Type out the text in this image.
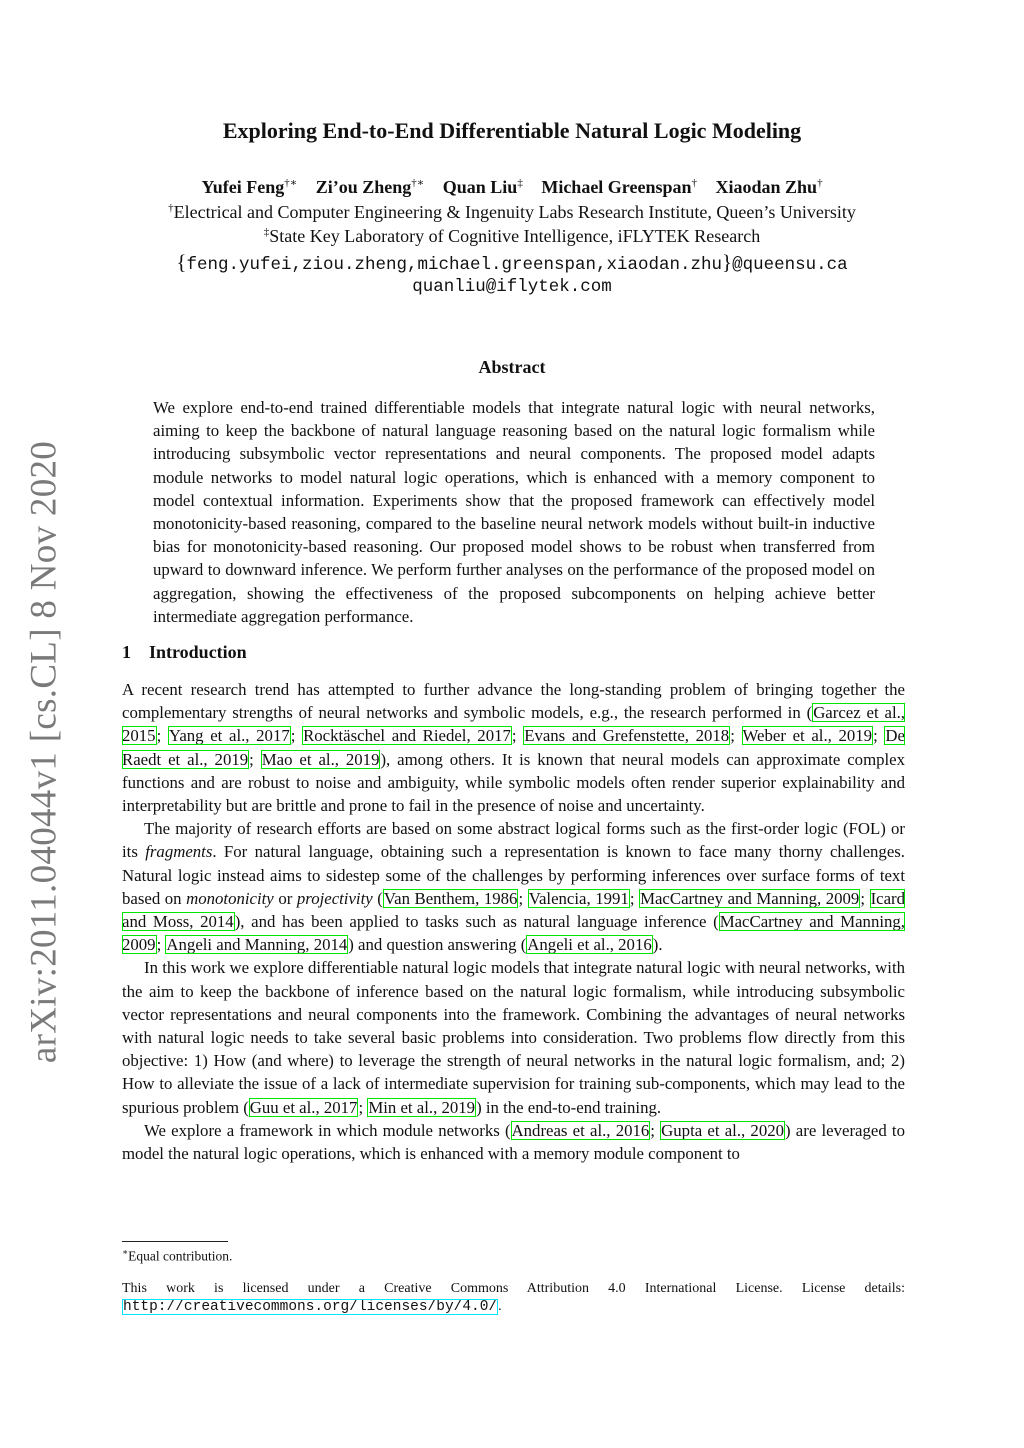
arXiv:2011.04044v1 [cs.CL] 8 Nov 2020
Exploring End-to-End Differentiable Natural Logic Modeling
Yufei Feng†∗ Zi’ou Zheng†∗ Quan Liu‡ Michael Greenspan† Xiaodan Zhu†
†Electrical and Computer Engineering & Ingenuity Labs Research Institute, Queen’s University
‡State Key Laboratory of Cognitive Intelligence, iFLYTEK Research
{feng.yufei,ziou.zheng,michael.greenspan,xiaodan.zhu}@queensu.ca
quanliu@iflytek.com
Abstract

We explore end-to-end trained differentiable models that integrate natural logic with neural networks, aiming to keep the backbone of natural language reasoning based on the natural logic formalism while introducing subsymbolic vector representations and neural components. The proposed model adapts module networks to model natural logic operations, which is enhanced with a memory component to model contextual information. Experiments show that the proposed framework can effectively model monotonicity-based reasoning, compared to the baseline neural network models without built-in inductive bias for monotonicity-based reasoning. Our proposed model shows to be robust when transferred from upward to downward inference. We perform further analyses on the performance of the proposed model on aggregation, showing the effectiveness of the proposed subcomponents on helping achieve better intermediate aggregation performance.

1 Introduction

A recent research trend has attempted to further advance the long-standing problem of bringing together the complementary strengths of neural networks and symbolic models, e.g., the research performed in (Garcez et al., 2015; Yang et al., 2017; Rocktäschel and Riedel, 2017; Evans and Grefenstette, 2018; Weber et al., 2019; De Raedt et al., 2019; Mao et al., 2019), among others. It is known that neural models can approximate complex functions and are robust to noise and ambiguity, while symbolic models often render superior explainability and interpretability but are brittle and prone to fail in the presence of noise and uncertainty.

The majority of research efforts are based on some abstract logical forms such as the first-order logic (FOL) or its fragments. For natural language, obtaining such a representation is known to face many thorny challenges. Natural logic instead aims to sidestep some of the challenges by performing inferences over surface forms of text based on monotonicity or projectivity (Van Benthem, 1986; Valencia, 1991; MacCartney and Manning, 2009; Icard and Moss, 2014), and has been applied to tasks such as natural language inference (MacCartney and Manning, 2009; Angeli and Manning, 2014) and question answering (Angeli et al., 2016).

In this work we explore differentiable natural logic models that integrate natural logic with neural networks, with the aim to keep the backbone of inference based on the natural logic formalism, while introducing subsymbolic vector representations and neural components into the framework. Combining the advantages of neural networks with natural logic needs to take several basic problems into consideration. Two problems flow directly from this objective: 1) How (and where) to leverage the strength of neural networks in the natural logic formalism, and; 2) How to alleviate the issue of a lack of intermediate supervision for training sub-components, which may lead to the spurious problem (Guu et al., 2017; Min et al., 2019) in the end-to-end training.

We explore a framework in which module networks (Andreas et al., 2016; Gupta et al., 2020) are leveraged to model the natural logic operations, which is enhanced with a memory module component to

∗Equal contribution.
This work is licensed under a Creative Commons Attribution 4.0 International License. License details: http://creativecommons.org/licenses/by/4.0/.
